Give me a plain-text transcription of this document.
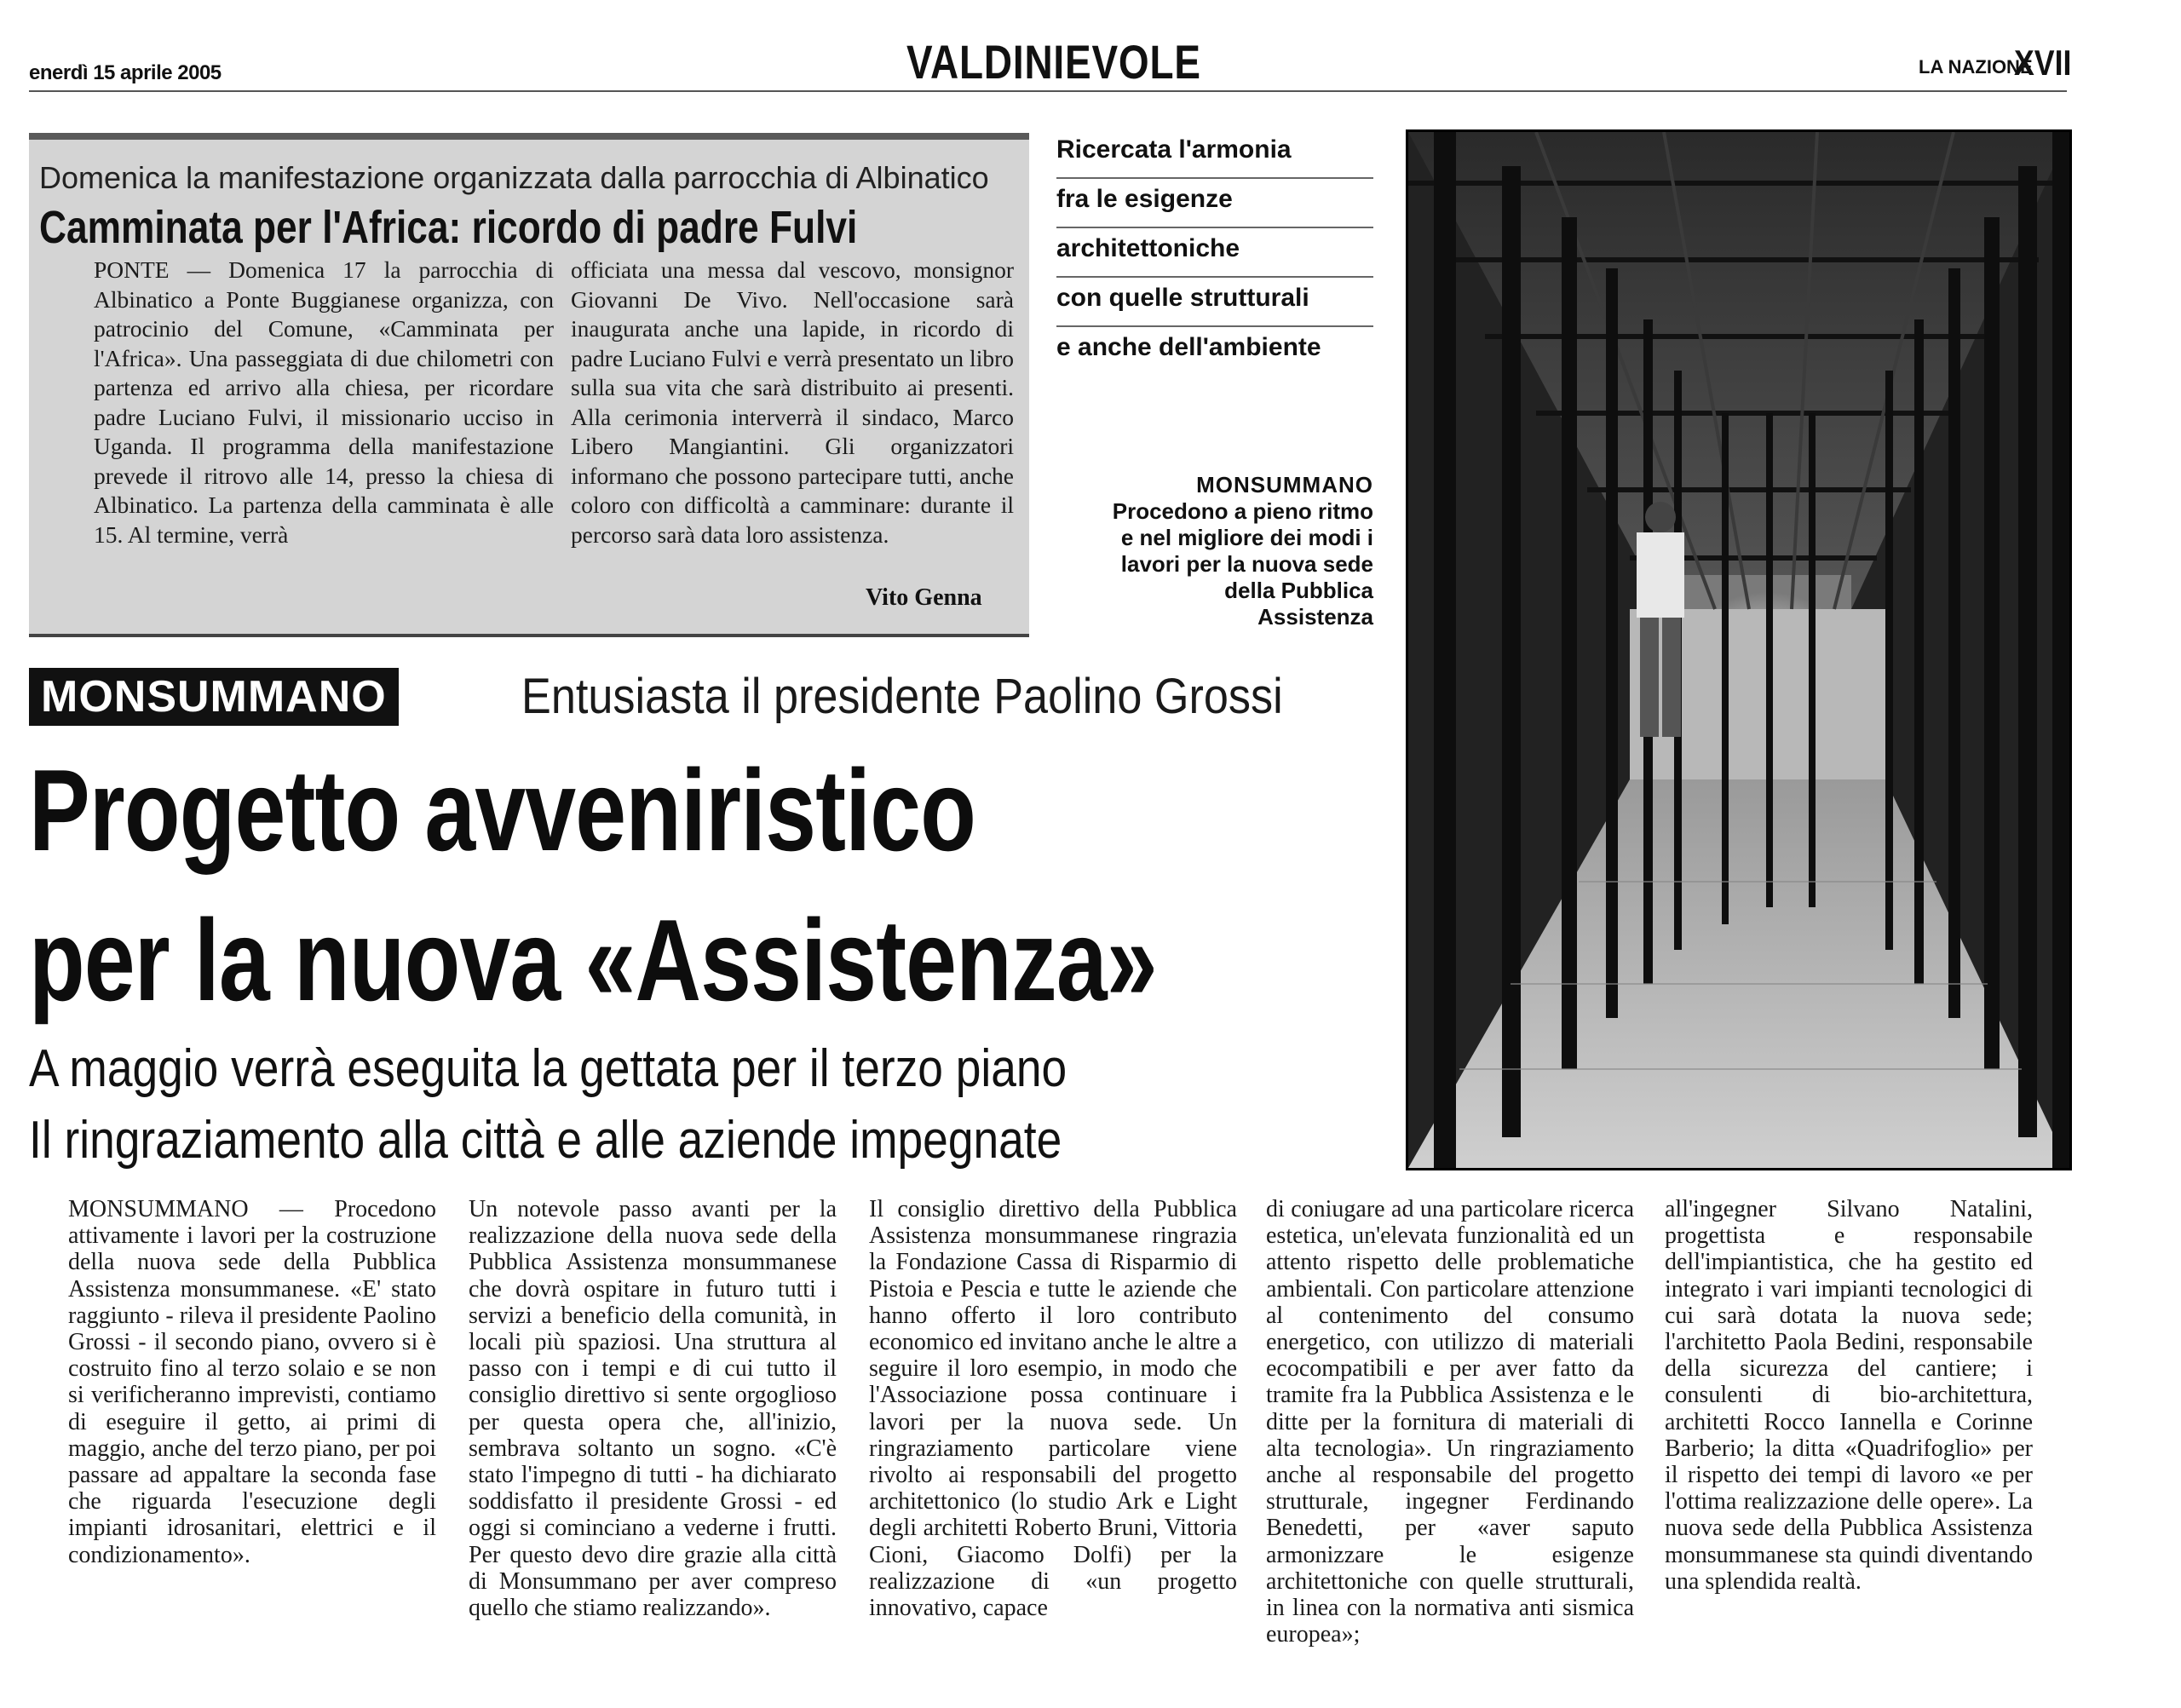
enerdì 15 aprile 2005	VALDINIEVOLE	LA NAZIONE
XVII
Domenica la manifestazione organizzata dalla parrocchia di Albinatico
Camminata per l'Africa: ricordo di padre Fulvi
PONTE — Domenica 17 la parrocchia di Albinatico a Ponte Buggianese organizza, con patrocinio del Comune, «Camminata per l'Africa». Una passeggiata di due chilometri con partenza ed arrivo alla chiesa, per ricordare padre Luciano Fulvi, il missionario ucciso in Uganda. Il programma della manifestazione prevede il ritrovo alle 14, presso la chiesa di Albinatico. La partenza della camminata è alle 15. Al termine, verrà
officiata una messa dal vescovo, monsignor Giovanni De Vivo. Nell'occasione sarà inaugurata anche una lapide, in ricordo di padre Luciano Fulvi e verrà presentato un libro sulla sua vita che sarà distribuito ai presenti. Alla cerimonia interverrà il sindaco, Marco Libero Mangiantini. Gli organizzatori informano che possono partecipare tutti, anche coloro con difficoltà a camminare: durante il percorso sarà data loro assistenza.
Vito Genna
Ricercata l'armonia
fra le esigenze
architettoniche
con quelle strutturali
e anche dell'ambiente
MONSUMMANO
Procedono a pieno ritmo
e nel migliore dei modi i
lavori per la nuova sede
della Pubblica
Assistenza
MONSUMMANO	Entusiasta il presidente Paolino Grossi
Progetto avveniristico
per la nuova «Assistenza»
A maggio verrà eseguita la gettata per il terzo piano
Il ringraziamento alla città e alle aziende impegnate
MONSUMMANO — Procedono attivamente i lavori per la costruzione della nuova sede della Pubblica Assistenza monsummanese. «E' stato raggiunto - rileva il presidente Paolino Grossi - il secondo piano, ovvero si è costruito fino al terzo solaio e se non si verificheranno imprevisti, contiamo di eseguire il getto, ai primi di maggio, anche del terzo piano, per poi passare ad appaltare la seconda fase che riguarda l'esecuzione degli impianti idrosanitari, elettrici e il condizionamento».
Un notevole passo avanti per la realizzazione della nuova sede della Pubblica Assistenza monsummanese che dovrà ospitare in futuro tutti i servizi a beneficio della comunità, in locali più spaziosi. Una struttura al passo con i tempi e di cui tutto il consiglio direttivo si sente orgoglioso per questa opera che, all'inizio, sembrava soltanto un sogno. «C'è stato l'impegno di tutti - ha dichiarato soddisfatto il presidente Grossi - ed oggi si cominciano a vederne i frutti. Per questo devo dire grazie alla città di Monsummano per aver compreso quello che stiamo realizzando».
Il consiglio direttivo della Pubblica Assistenza monsummanese ringrazia la Fondazione Cassa di Risparmio di Pistoia e Pescia e tutte le aziende che hanno offerto il loro contributo economico ed invitano anche le altre a seguire il loro esempio, in modo che l'Associazione possa continuare i lavori per la nuova sede. Un ringraziamento particolare viene rivolto ai responsabili del progetto architettonico (lo studio Ark e Light degli architetti Roberto Bruni, Vittoria Cioni, Giacomo Dolfi) per la realizzazione di «un progetto innovativo, capace
di coniugare ad una particolare ricerca estetica, un'elevata funzionalità ed un attento rispetto delle problematiche ambientali. Con particolare attenzione al contenimento del consumo energetico, con utilizzo di materiali ecocompatibili e per aver fatto da tramite fra la Pubblica Assistenza e le ditte per la fornitura di materiali di alta tecnologia». Un ringraziamento anche al responsabile del progetto strutturale, ingegner Ferdinando Benedetti, per «aver saputo armonizzare le esigenze architettoniche con quelle strutturali, in linea con la normativa anti sismica europea»;
all'ingegner Silvano Natalini, progettista e responsabile dell'impiantistica, che ha gestito ed integrato i vari impianti tecnologici di cui sarà dotata la nuova sede; l'architetto Paola Bedini, responsabile della sicurezza del cantiere; i consulenti di bio-architettura, architetti Rocco Iannella e Corinne Barberio; la ditta «Quadrifoglio» per il rispetto dei tempi di lavoro «e per l'ottima realizzazione delle opere». La nuova sede della Pubblica Assistenza monsummanese sta quindi diventando una splendida realtà.
